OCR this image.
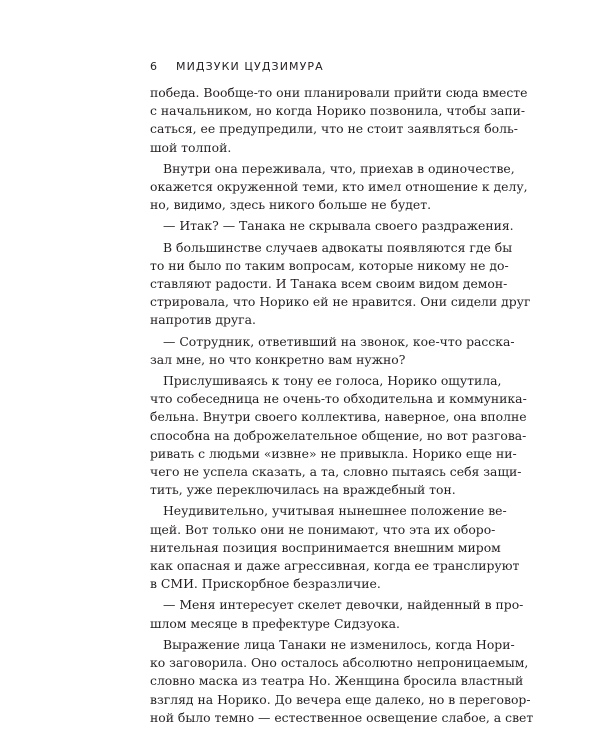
6	МИДЗУКИ ЦУДЗИМУРА
победа. Вообще-то они планировали прийти сюда вместе
с начальником, но когда Норико позвонила, чтобы запи-
саться, ее предупредили, что не стоит заявляться боль-
шой толпой.
Внутри она переживала, что, приехав в одиночестве,
окажется окруженной теми, кто имел отношение к делу,
но, видимо, здесь никого больше не будет.
— Итак? — Танака не скрывала своего раздражения.
В большинстве случаев адвокаты появляются где бы
то ни было по таким вопросам, которые никому не до-
ставляют радости. И Танака всем своим видом демон-
стрировала, что Норико ей не нравится. Они сидели друг
напротив друга.
— Сотрудник, ответивший на звонок, кое-что расска-
зал мне, но что конкретно вам нужно?
Прислушиваясь к тону ее голоса, Норико ощутила,
что собеседница не очень-то обходительна и коммуника-
бельна. Внутри своего коллектива, наверное, она вполне
способна на доброжелательное общение, но вот разгова-
ривать с людьми «извне» не привыкла. Норико еще ни-
чего не успела сказать, а та, словно пытаясь себя защи-
тить, уже переключилась на враждебный тон.
Неудивительно, учитывая нынешнее положение ве-
щей. Вот только они не понимают, что эта их оборо-
нительная позиция воспринимается внешним миром
как опасная и даже агрессивная, когда ее транслируют
в СМИ. Прискорбное безразличие.
— Меня интересует скелет девочки, найденный в про-
шлом месяце в префектуре Сидзуока.
Выражение лица Танаки не изменилось, когда Нори-
ко заговорила. Оно осталось абсолютно непроницаемым,
словно маска из театра Но. Женщина бросила властный
взгляд на Норико. До вечера еще далеко, но в переговор-
ной было темно — естественное освещение слабое, а свет
